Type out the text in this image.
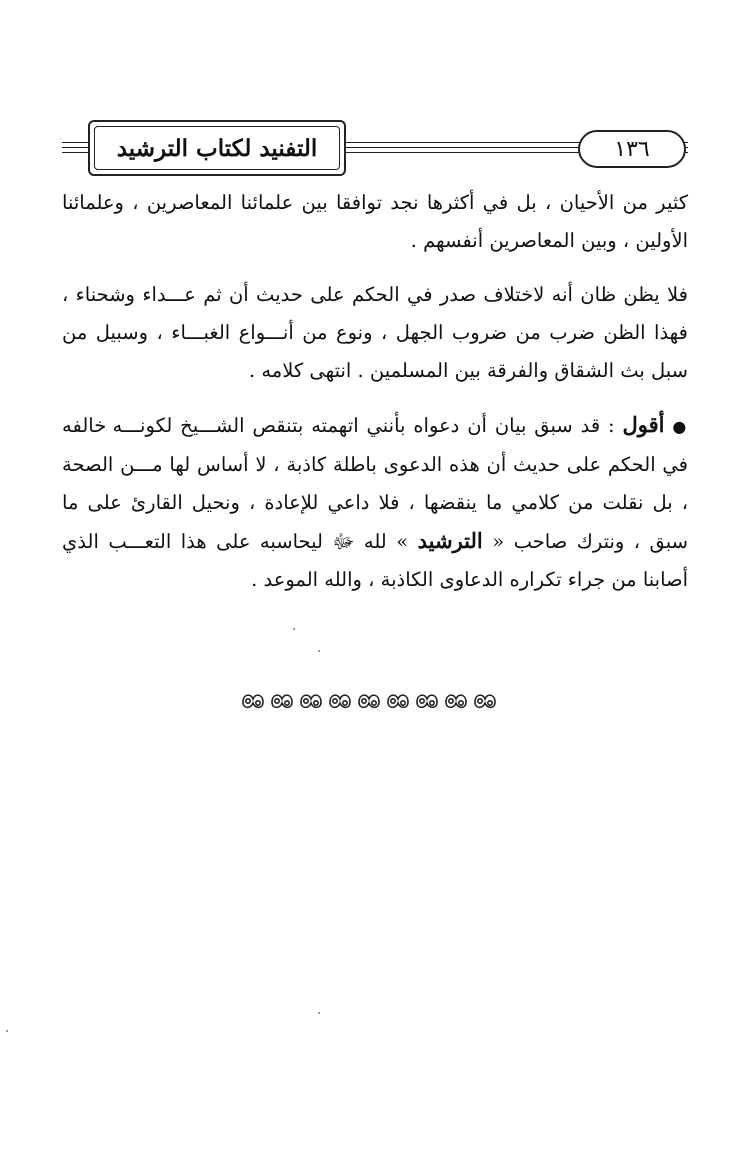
التفنيد لكتاب الترشيد	١٣٦

كثير من الأحيان ، بل في أكثرها نجد توافقا بين علمائنا المعاصرين ، وعلمائنا الأولين ، وبين المعاصرين أنفسهم .

فلا يظن ظان أنه لاختلاف صدر في الحكم على حديث أن ثم عـــداء وشحناء ، فهذا الظن ضرب من ضروب الجهل ، ونوع من أنـــواع الغبـــاء ، وسبيل من سبل بث الشقاق والفرقة بين المسلمين . انتهى كلامه .

● أقول : قد سبق بيان أن دعواه بأنني اتهمته بتنقص الشـــيخ لكونـــه خالفه في الحكم على حديث أن هذه الدعوى باطلة كاذبة ، لا أساس لها مـــن الصحة ، بل نقلت من كلامي ما ينقضها ، فلا داعي للإعادة ، ونحيل القارئ على ما سبق ، ونترك صاحب « الترشيد » لله ﷻ ليحاسبه على هذا التعـــب الذي أصابنا من جراء تكراره الدعاوى الكاذبة ، والله الموعد .
